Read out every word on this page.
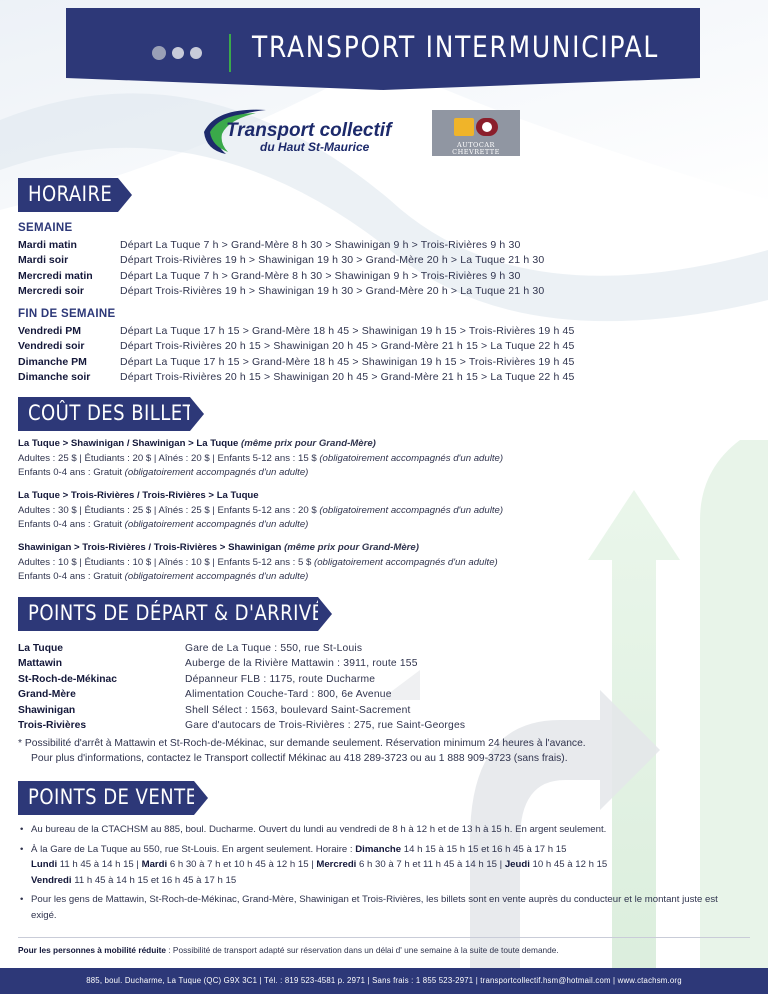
TRANSPORT INTERMUNICIPAL
Transport collectif
du Haut St-Maurice	AUTOCAR
CHEVRETTE
HORAIRE
SEMAINE
Mardi matin	Départ La Tuque 7 h > Grand-Mère 8 h 30 > Shawinigan 9 h > Trois-Rivières 9 h 30
Mardi soir	Départ Trois-Rivières 19 h > Shawinigan 19 h 30 > Grand-Mère 20 h > La Tuque 21 h 30
Mercredi matin	Départ La Tuque 7 h > Grand-Mère 8 h 30 > Shawinigan 9 h > Trois-Rivières 9 h 30
Mercredi soir	Départ Trois-Rivières 19 h > Shawinigan 19 h 30 > Grand-Mère 20 h > La Tuque 21 h 30
FIN DE SEMAINE
Vendredi PM	Départ La Tuque 17 h 15 > Grand-Mère 18 h 45 > Shawinigan 19 h 15 > Trois-Rivières 19 h 45
Vendredi soir	Départ Trois-Rivières 20 h 15 > Shawinigan 20 h 45 > Grand-Mère 21 h 15 > La Tuque 22 h 45
Dimanche PM	Départ La Tuque 17 h 15 > Grand-Mère 18 h 45 > Shawinigan 19 h 15 > Trois-Rivières 19 h 45
Dimanche soir	Départ Trois-Rivières 20 h 15 > Shawinigan 20 h 45 > Grand-Mère 21 h 15 > La Tuque 22 h 45
COÛT DES BILLETS
La Tuque > Shawinigan / Shawinigan > La Tuque (même prix pour Grand-Mère)
Adultes : 25 $ | Étudiants : 20 $ | Aînés : 20 $ | Enfants 5-12 ans : 15 $ (obligatoirement accompagnés d'un adulte)
Enfants 0-4 ans : Gratuit (obligatoirement accompagnés d'un adulte)
La Tuque > Trois-Rivières / Trois-Rivières > La Tuque
Adultes : 30 $ | Étudiants : 25 $ | Aînés : 25 $ | Enfants 5-12 ans : 20 $ (obligatoirement accompagnés d'un adulte)
Enfants 0-4 ans : Gratuit (obligatoirement accompagnés d'un adulte)
Shawinigan > Trois-Rivières / Trois-Rivières > Shawinigan (même prix pour Grand-Mère)
Adultes : 10 $ | Étudiants : 10 $ | Aînés : 10 $ | Enfants 5-12 ans : 5 $ (obligatoirement accompagnés d'un adulte)
Enfants 0-4 ans : Gratuit (obligatoirement accompagnés d'un adulte)
POINTS DE DÉPART & D'ARRIVÉE
La Tuque	Gare de La Tuque : 550, rue St-Louis
Mattawin	Auberge de la Rivière Mattawin : 3911, route 155
St-Roch-de-Mékinac	Dépanneur FLB : 1175, route Ducharme
Grand-Mère	Alimentation Couche-Tard : 800, 6e Avenue
Shawinigan	Shell Sélect : 1563, boulevard Saint-Sacrement
Trois-Rivières	Gare d'autocars de Trois-Rivières : 275, rue Saint-Georges
* Possibilité d'arrêt à Mattawin et St-Roch-de-Mékinac, sur demande seulement. Réservation minimum 24 heures à l'avance.
Pour plus d'informations, contactez le Transport collectif Mékinac au 418 289-3723 ou au 1 888 909-3723 (sans frais).
POINTS DE VENTE
• Au bureau de la CTACHSM au 885, boul. Ducharme. Ouvert du lundi au vendredi de 8 h à 12 h et de 13 h à 15 h. En argent seulement.
• À la Gare de La Tuque au 550, rue St-Louis. En argent seulement. Horaire : Dimanche 14 h 15 à 15 h 15 et 16 h 45 à 17 h 15
Lundi 11 h 45 à 14 h 15 | Mardi 6 h 30 à 7 h et 10 h 45 à 12 h 15 | Mercredi 6 h 30 à 7 h et 11 h 45 à 14 h 15 | Jeudi 10 h 45 à 12 h 15
Vendredi 11 h 45 à 14 h 15 et 16 h 45 à 17 h 15
• Pour les gens de Mattawin, St-Roch-de-Mékinac, Grand-Mère, Shawinigan et Trois-Rivières, les billets sont en vente auprès du conducteur et le montant juste est exigé.
Pour les personnes à mobilité réduite : Possibilité de transport adapté sur réservation dans un délai d' une semaine à la suite de toute demande.
885, boul. Ducharme, La Tuque (QC) G9X 3C1 | Tél. : 819 523-4581 p. 2971 | Sans frais : 1 855 523-2971 | transportcollectif.hsm@hotmail.com | www.ctachsm.org
